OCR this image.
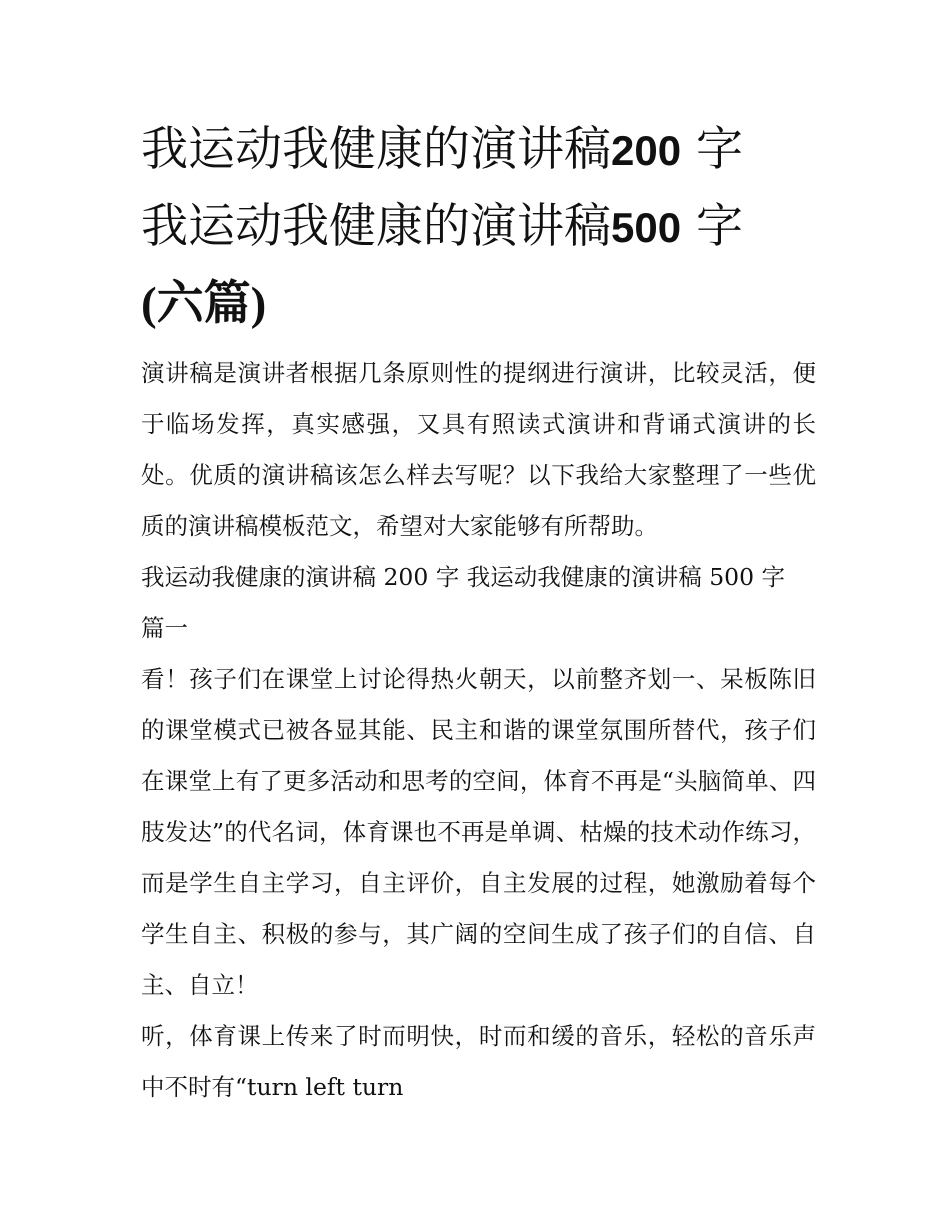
我运动我健康的演讲稿200 字
我运动我健康的演讲稿500 字
(六篇)

演讲稿是演讲者根据几条原则性的提纲进行演讲，比较灵活，便于临场发挥，真实感强，又具有照读式演讲和背诵式演讲的长处。优质的演讲稿该怎么样去写呢？以下我给大家整理了一些优质的演讲稿模板范文，希望对大家能够有所帮助。

我运动我健康的演讲稿 200 字 我运动我健康的演讲稿 500 字

篇一

看！孩子们在课堂上讨论得热火朝天，以前整齐划一、呆板陈旧的课堂模式已被各显其能、民主和谐的课堂氛围所替代，孩子们在课堂上有了更多活动和思考的空间，体育不再是“头脑简单、四肢发达”的代名词，体育课也不再是单调、枯燥的技术动作练习，而是学生自主学习，自主评价，自主发展的过程，她激励着每个学生自主、积极的参与，其广阔的空间生成了孩子们的自信、自主、自立！

听，体育课上传来了时而明快，时而和缓的音乐，轻松的音乐声中不时有“turn left turn
